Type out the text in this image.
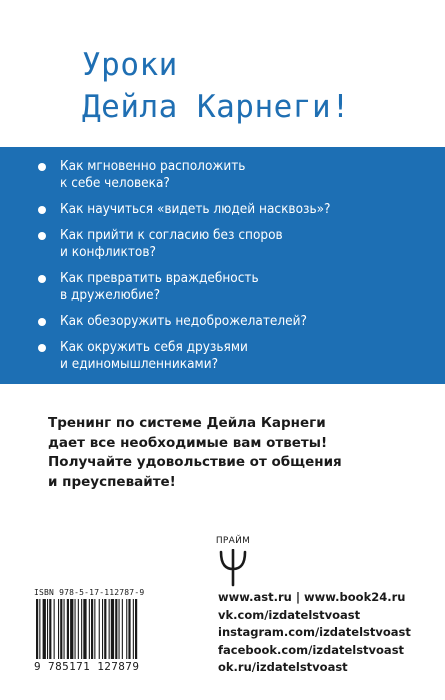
Уроки
Дейла Карнеги!
Как мгновенно расположить
к себе человека?
Как научиться «видеть людей насквозь»?
Как прийти к согласию без споров
и конфликтов?
Как превратить враждебность
в дружелюбие?
Как обезоружить недоброжелателей?
Как окружить себя друзьями
и единомышленниками?
Тренинг по системе Дейла Карнеги
дает все необходимые вам ответы!
Получайте удовольствие от общения
и преуспевайте!
ПРАЙМ
ISBN 978-5-17-112787-9
9 785171 127879
www.ast.ru | www.book24.ru
vk.com/izdatelstvoast
instagram.com/izdatelstvoast
facebook.com/izdatelstvoast
ok.ru/izdatelstvoast
